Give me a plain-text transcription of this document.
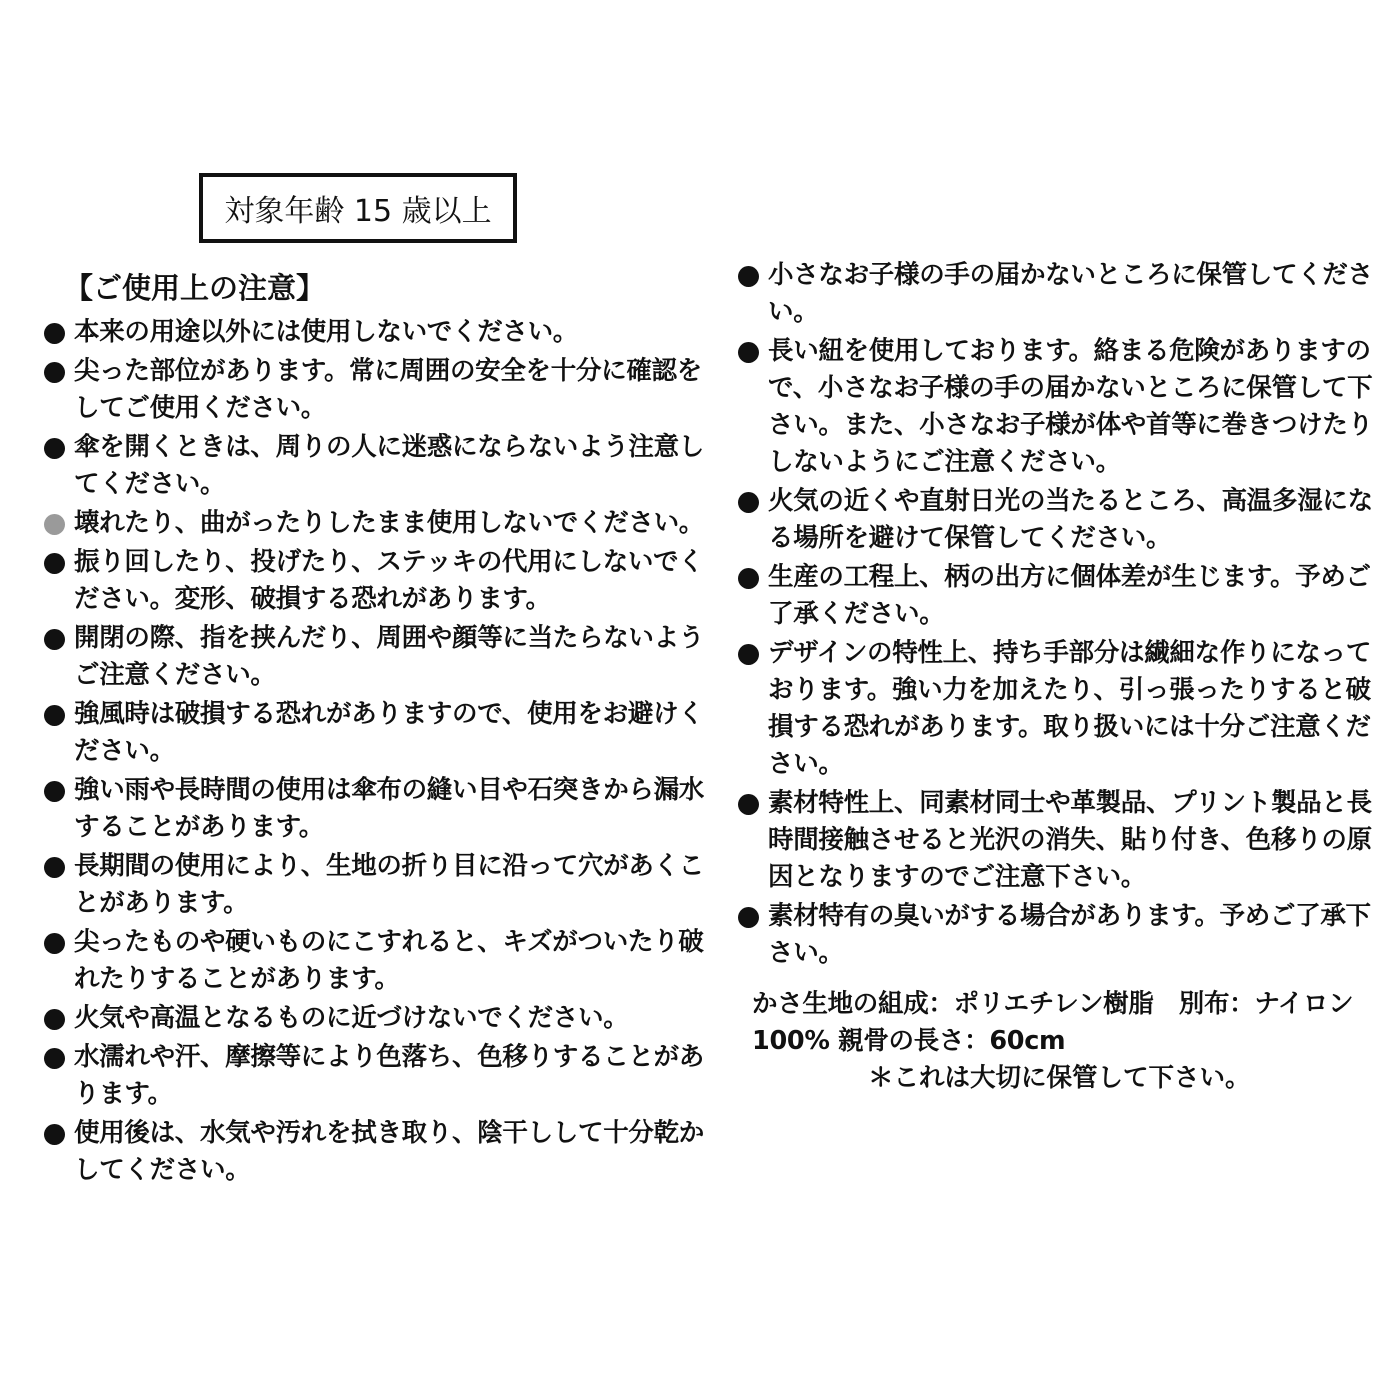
対象年齢 15 歳以上
【ご使用上の注意】
本来の用途以外には使用しないでください。
尖った部位があります。常に周囲の安全を十分に確認をしてご使用ください。
傘を開くときは、周りの人に迷惑にならないよう注意してください。
壊れたり、曲がったりしたまま使用しないでください。
振り回したり、投げたり、ステッキの代用にしないでください。変形、破損する恐れがあります。
開閉の際、指を挟んだり、周囲や顔等に当たらないようご注意ください。
強風時は破損する恐れがありますので、使用をお避けください。
強い雨や長時間の使用は傘布の縫い目や石突きから漏水することがあります。
長期間の使用により、生地の折り目に沿って穴があくことがあります。
尖ったものや硬いものにこすれると、キズがついたり破れたりすることがあります。
火気や高温となるものに近づけないでください。
水濡れや汗、摩擦等により色落ち、色移りすることがあります。
使用後は、水気や汚れを拭き取り、陰干しして十分乾かしてください。
小さなお子様の手の届かないところに保管してください。
長い紐を使用しております。絡まる危険がありますので、小さなお子様の手の届かないところに保管して下さい。また、小さなお子様が体や首等に巻きつけたりしないようにご注意ください。
火気の近くや直射日光の当たるところ、高温多湿になる場所を避けて保管してください。
生産の工程上、柄の出方に個体差が生じます。予めご了承ください。
デザインの特性上、持ち手部分は繊細な作りになっております。強い力を加えたり、引っ張ったりすると破損する恐れがあります。取り扱いには十分ご注意ください。
素材特性上、同素材同士や革製品、プリント製品と長時間接触させると光沢の消失、貼り付き、色移りの原因となりますのでご注意下さい。
素材特有の臭いがする場合があります。予めご了承下さい。
かさ生地の組成：ポリエチレン樹脂　別布：ナイロン100% 親骨の長さ：60cm
＊これは大切に保管して下さい。
